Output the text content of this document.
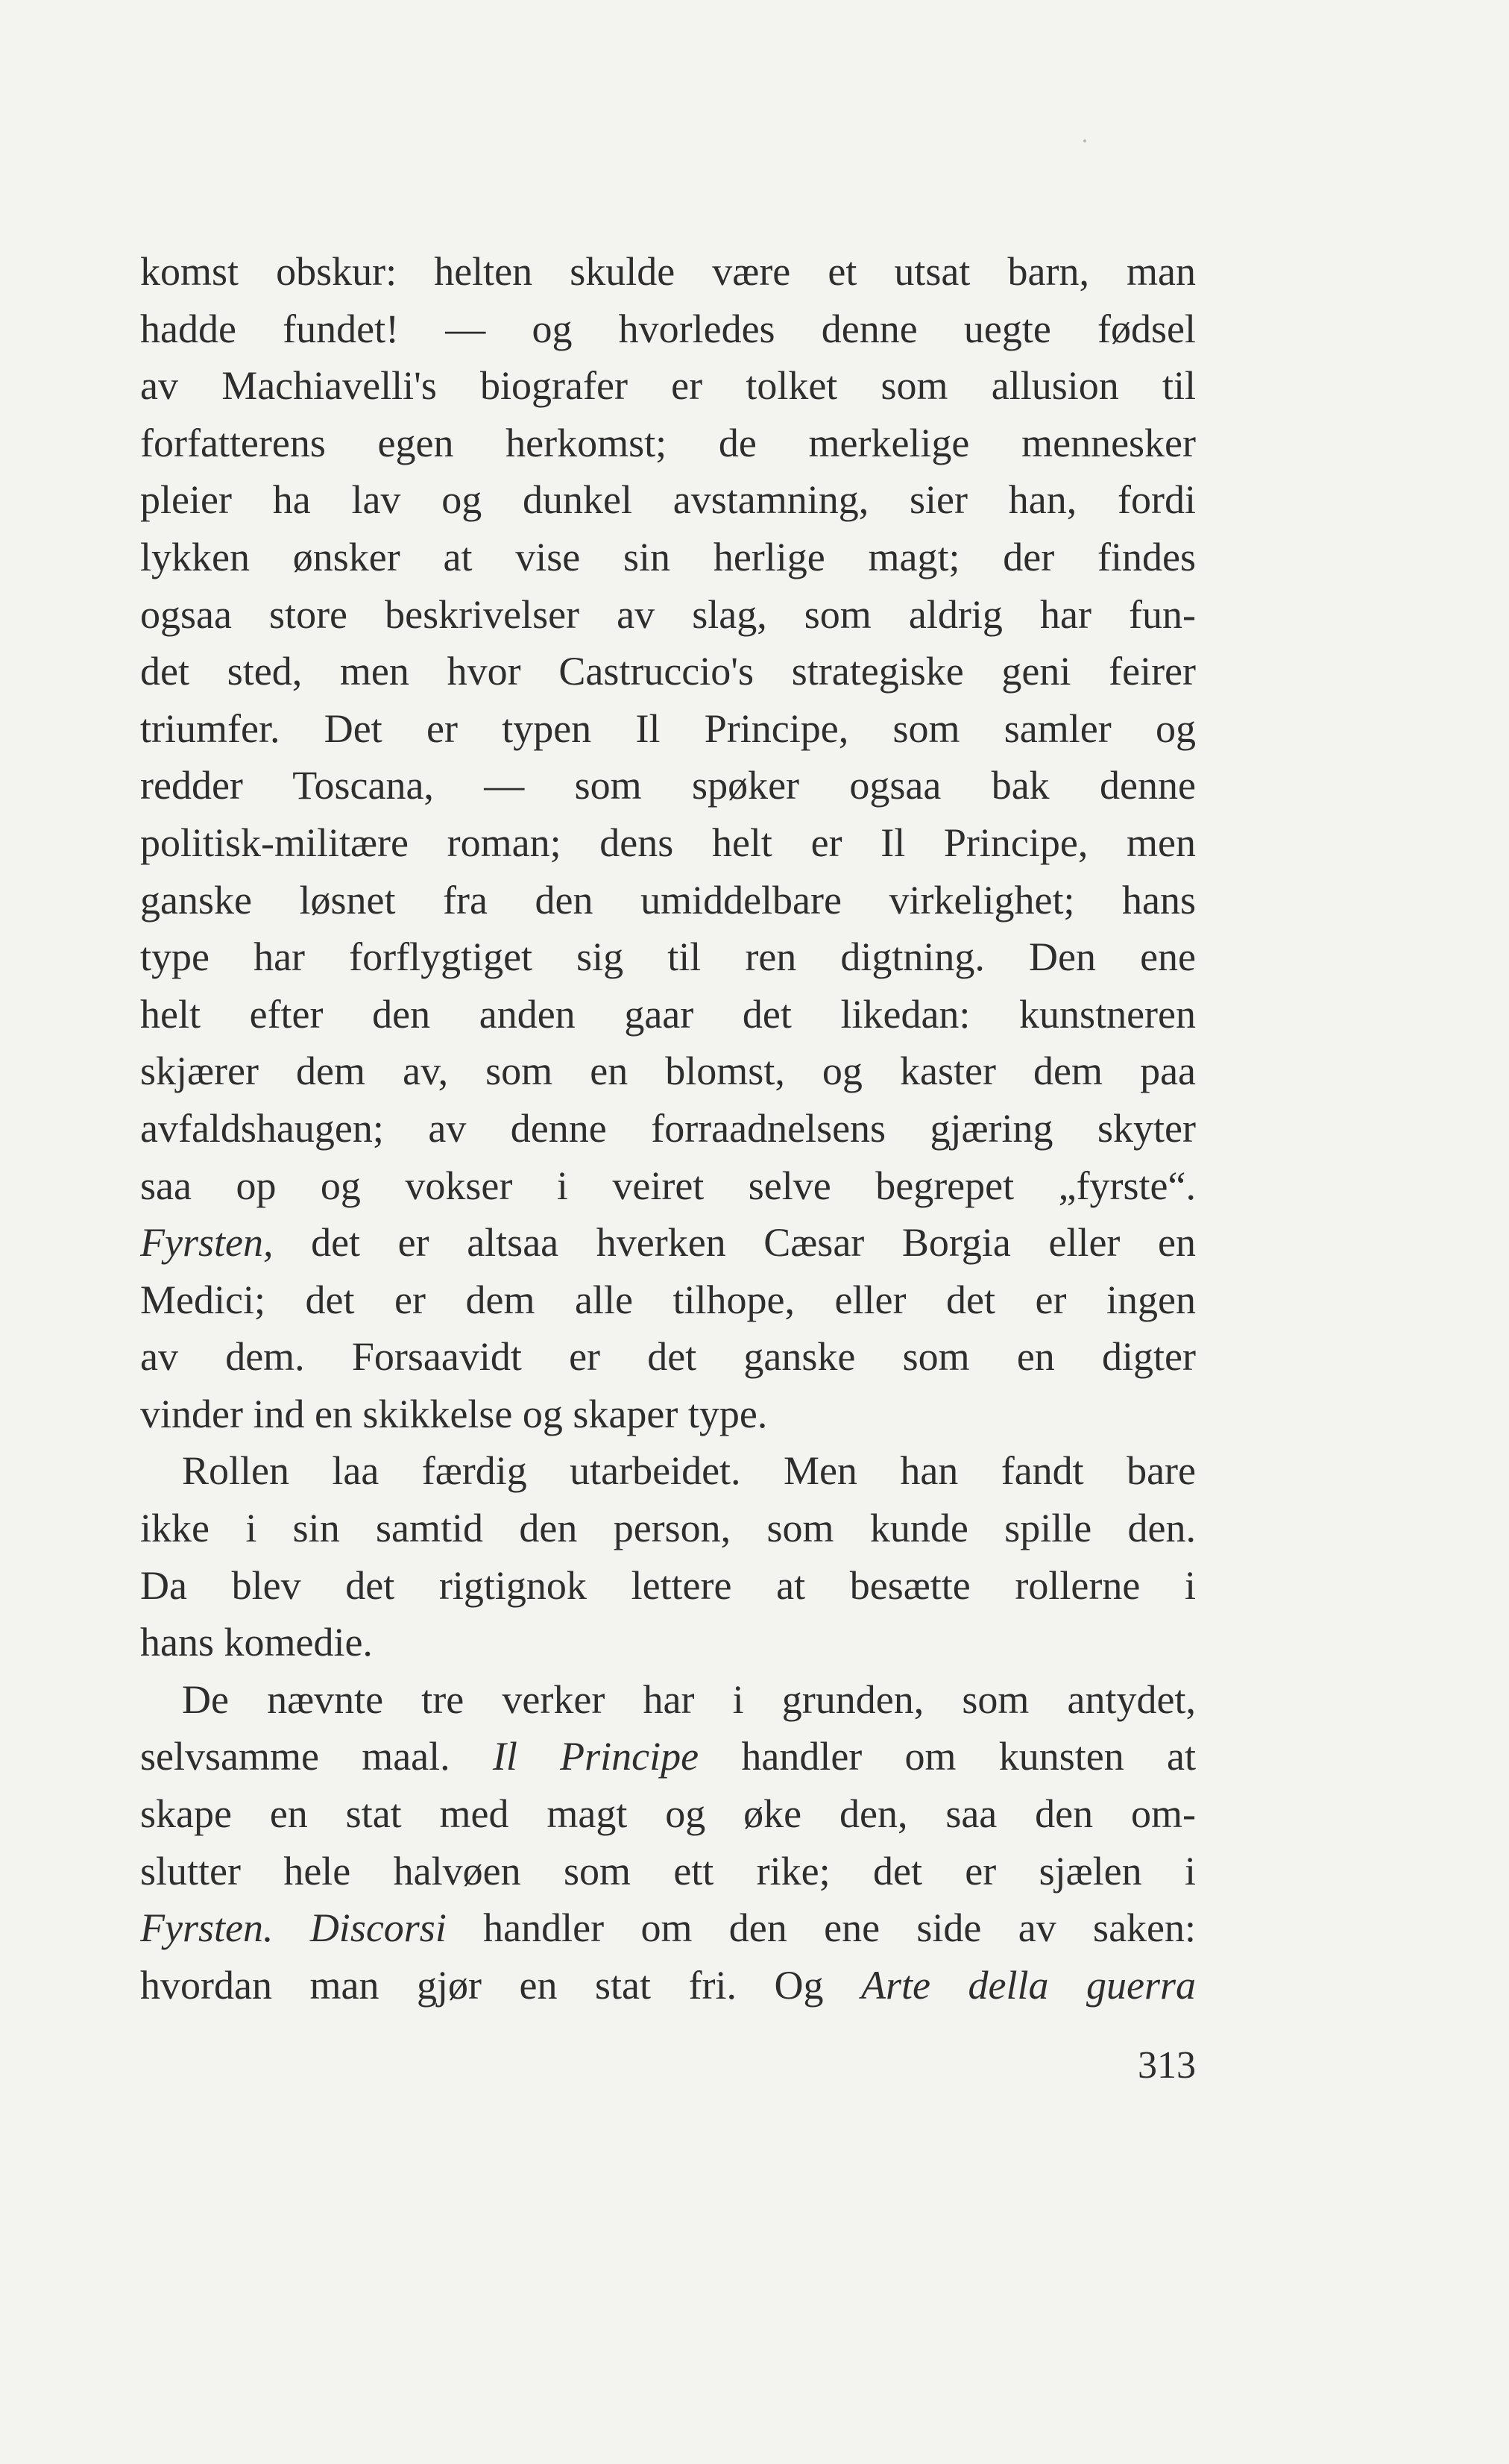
komst obskur: helten skulde være et utsat barn, man
hadde fundet! — og hvorledes denne uegte fødsel
av Machiavelli's biografer er tolket som allusion til
forfatterens egen herkomst; de merkelige mennesker
pleier ha lav og dunkel avstamning, sier han, fordi
lykken ønsker at vise sin herlige magt; der findes
ogsaa store beskrivelser av slag, som aldrig har fun-
det sted, men hvor Castruccio's strategiske geni feirer
triumfer. Det er typen Il Principe, som samler og
redder Toscana, — som spøker ogsaa bak denne
politisk-militære roman; dens helt er Il Principe, men
ganske løsnet fra den umiddelbare virkelighet; hans
type har forflygtiget sig til ren digtning. Den ene
helt efter den anden gaar det likedan: kunstneren
skjærer dem av, som en blomst, og kaster dem paa
avfaldshaugen; av denne forraadnelsens gjæring skyter
saa op og vokser i veiret selve begrepet „fyrste“.
Fyrsten, det er altsaa hverken Cæsar Borgia eller en
Medici; det er dem alle tilhope, eller det er ingen
av dem. Forsaavidt er det ganske som en digter
vinder ind en skikkelse og skaper type.
Rollen laa færdig utarbeidet. Men han fandt bare
ikke i sin samtid den person, som kunde spille den.
Da blev det rigtignok lettere at besætte rollerne i
hans komedie.
De nævnte tre verker har i grunden, som antydet,
selvsamme maal. Il Principe handler om kunsten at
skape en stat med magt og øke den, saa den om-
slutter hele halvøen som ett rike; det er sjælen i
Fyrsten. Discorsi handler om den ene side av saken:
hvordan man gjør en stat fri. Og Arte della guerra
313
